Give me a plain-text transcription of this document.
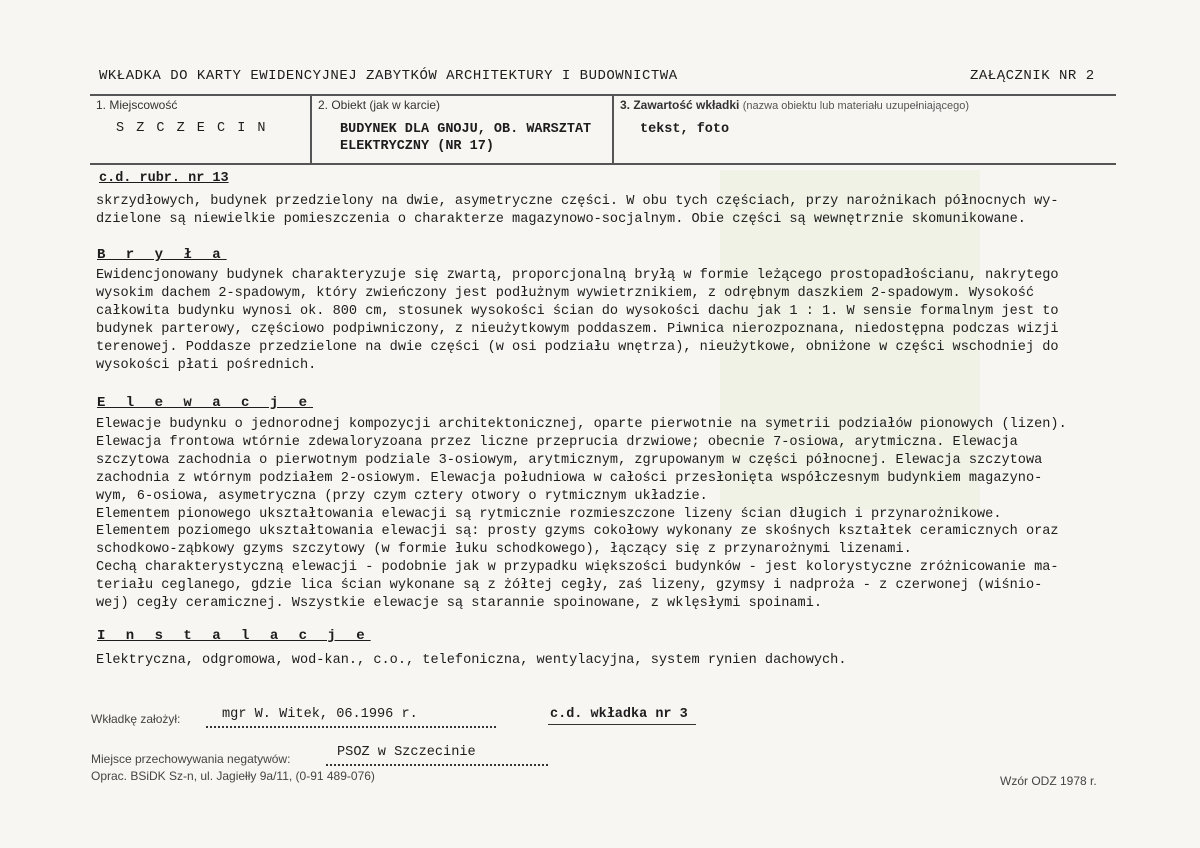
WKŁADKA DO KARTY EWIDENCYJNEJ ZABYTKÓW ARCHITEKTURY I BUDOWNICTWA	ZAŁĄCZNIK NR 2
1. Miejscowość
S Z C Z E C I N
2. Obiekt (jak w karcie)
BUDYNEK DLA GNOJU, OB. WARSZTAT
ELEKTRYCZNY (NR 17)
3. Zawartość wkładki (nazwa obiektu lub materiału uzupełniającego)
tekst, foto
c.d. rubr. nr 13
skrzydłowych, budynek przedzielony na dwie, asymetryczne części. W obu tych częściach, przy narożnikach północnych wy-
dzielone są niewielkie pomieszczenia o charakterze magazynowo-socjalnym. Obie części są wewnętrznie skomunikowane.
B r y ł a
Ewidencjonowany budynek charakteryzuje się zwartą, proporcjonalną bryłą w formie leżącego prostopadłościanu, nakrytego
wysokim dachem 2-spadowym, który zwieńczony jest podłużnym wywietrznikiem, z odrębnym daszkiem 2-spadowym. Wysokość
całkowita budynku wynosi ok. 800 cm, stosunek wysokości ścian do wysokości dachu jak 1 : 1. W sensie formalnym jest to
budynek parterowy, częściowo podpiwniczony, z nieużytkowym poddaszem. Piwnica nierozpoznana, niedostępna podczas wizji
terenowej. Poddasze przedzielone na dwie części (w osi podziału wnętrza), nieużytkowe, obniżone w części wschodniej do
wysokości płati pośrednich.
E l e w a c j e
Elewacje budynku o jednorodnej kompozycji architektonicznej, oparte pierwotnie na symetrii podziałów pionowych (lizen).
Elewacja frontowa wtórnie zdewaloryzoana przez liczne przeprucia drzwiowe; obecnie 7-osiowa, arytmiczna. Elewacja
szczytowa zachodnia o pierwotnym podziale 3-osiowym, arytmicznym, zgrupowanym w części północnej. Elewacja szczytowa
zachodnia z wtórnym podziałem 2-osiowym. Elewacja południowa w całości przesłonięta współczesnym budynkiem magazyno-
wym, 6-osiowa, asymetryczna (przy czym cztery otwory o rytmicznym układzie.
Elementem pionowego ukształtowania elewacji są rytmicznie rozmieszczone lizeny ścian długich i przynarożnikowe.
Elementem poziomego ukształtowania elewacji są: prosty gzyms cokołowy wykonany ze skośnych kształtek ceramicznych oraz
schodkowo-ząbkowy gzyms szczytowy (w formie łuku schodkowego), łączący się z przynarożnymi lizenami.
Cechą charakterystyczną elewacji - podobnie jak w przypadku większości budynków - jest kolorystyczne zróżnicowanie ma-
teriału ceglanego, gdzie lica ścian wykonane są z żółtej cegły, zaś lizeny, gzymsy i nadproża - z czerwonej (wiśnio-
wej) cegły ceramicznej. Wszystkie elewacje są starannie spoinowane, z wklęsłymi spoinami.
I n s t a l a c j e
Elektryczna, odgromowa, wod-kan., c.o., telefoniczna, wentylacyjna, system rynien dachowych.
Wkładkę założył:	mgr W. Witek, 06.1996 r.	c.d. wkładka nr 3
Miejsce przechowywania negatywów:	PSOZ w Szczecinie
Oprac. BSiDK Sz-n, ul. Jagiełły 9a/11, (0-91 489-076)	Wzór ODZ 1978 r.
